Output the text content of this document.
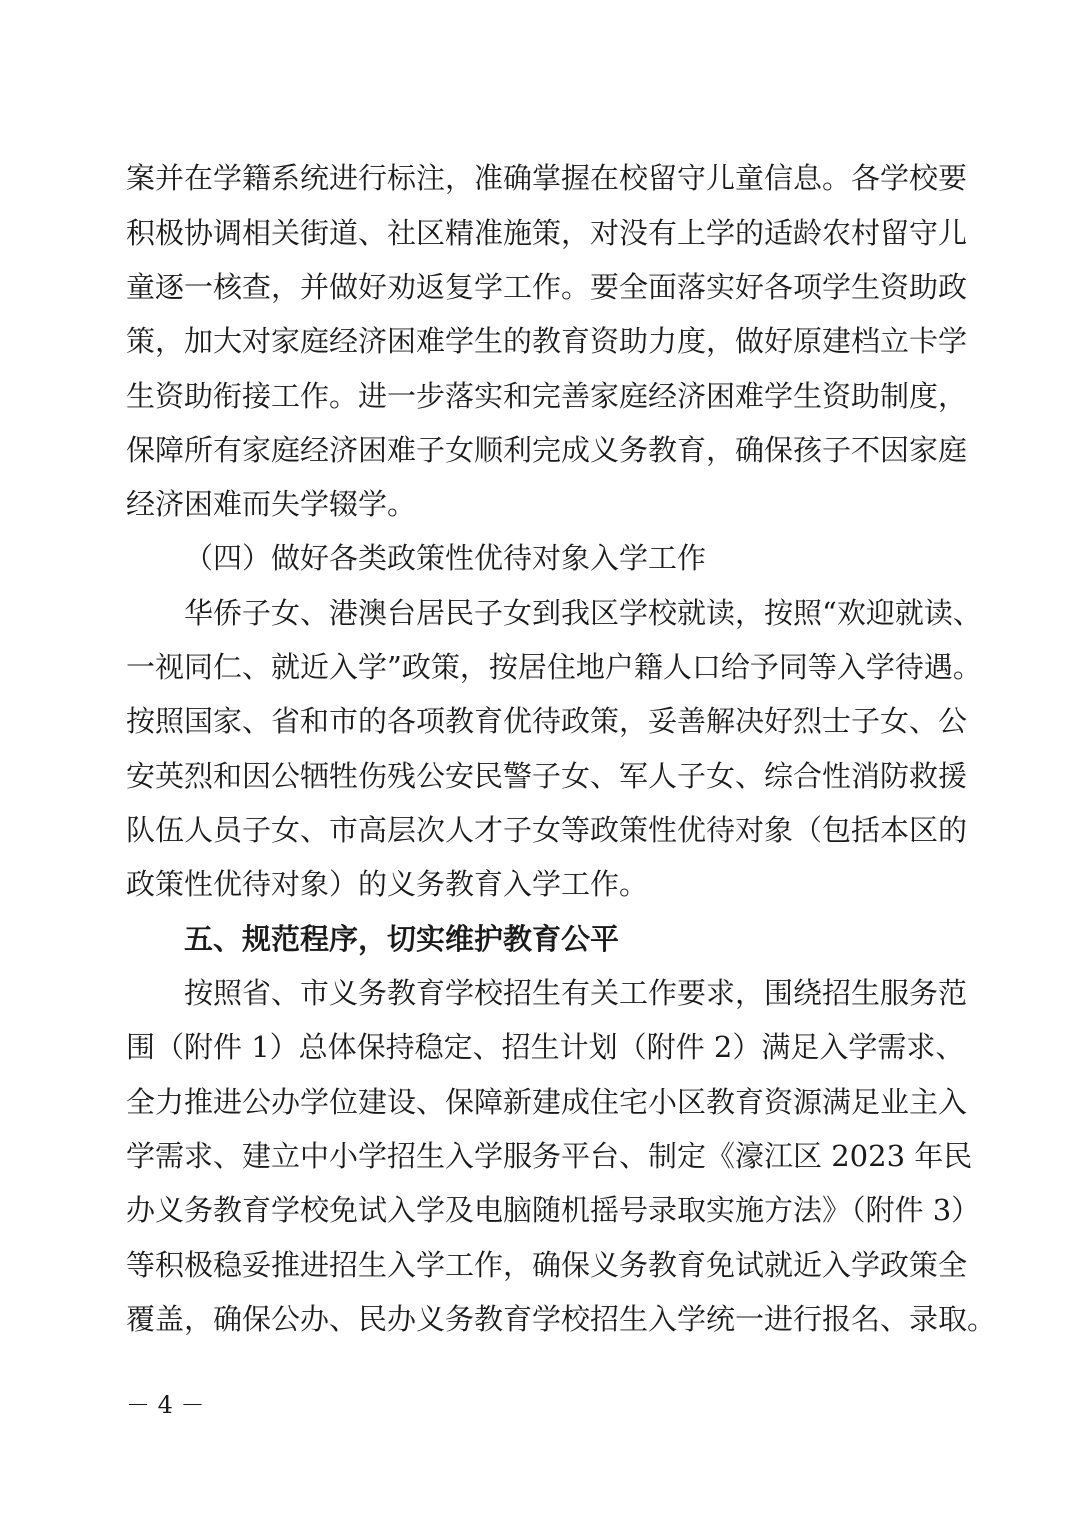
案并在学籍系统进行标注，准确掌握在校留守儿童信息。各学校要
积极协调相关街道、社区精准施策，对没有上学的适龄农村留守儿
童逐一核查，并做好劝返复学工作。要全面落实好各项学生资助政
策，加大对家庭经济困难学生的教育资助力度，做好原建档立卡学
生资助衔接工作。进一步落实和完善家庭经济困难学生资助制度，
保障所有家庭经济困难子女顺利完成义务教育，确保孩子不因家庭
经济困难而失学辍学。
（四）做好各类政策性优待对象入学工作
华侨子女、港澳台居民子女到我区学校就读，按照“欢迎就读、
一视同仁、就近入学”政策，按居住地户籍人口给予同等入学待遇。
按照国家、省和市的各项教育优待政策，妥善解决好烈士子女、公
安英烈和因公牺牲伤残公安民警子女、军人子女、综合性消防救援
队伍人员子女、市高层次人才子女等政策性优待对象（包括本区的
政策性优待对象）的义务教育入学工作。
五、规范程序，切实维护教育公平
按照省、市义务教育学校招生有关工作要求，围绕招生服务范
围（附件 1）总体保持稳定、招生计划（附件 2）满足入学需求、
全力推进公办学位建设、保障新建成住宅小区教育资源满足业主入
学需求、建立中小学招生入学服务平台、制定《濠江区 2023 年民
办义务教育学校免试入学及电脑随机摇号录取实施方法》（附件 3）
等积极稳妥推进招生入学工作，确保义务教育免试就近入学政策全
覆盖，确保公办、民办义务教育学校招生入学统一进行报名、录取。
－ 4 －
